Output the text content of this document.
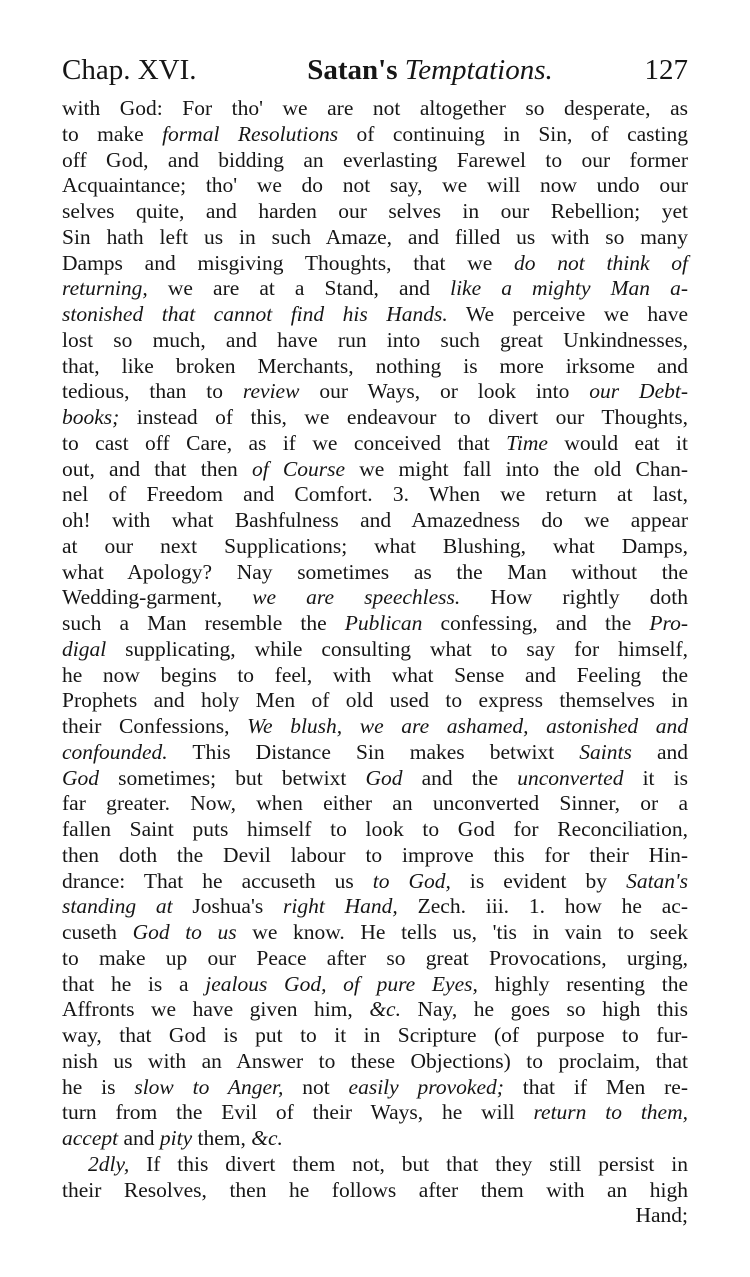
Chap. XVI.	Satan's Temptations.	127
with God: For tho' we are not altogether so desperate, as
to make formal Resolutions of continuing in Sin, of casting
off God, and bidding an everlasting Farewel to our former
Acquaintance; tho' we do not say, we will now undo our
selves quite, and harden our selves in our Rebellion; yet
Sin hath left us in such Amaze, and filled us with so many
Damps and misgiving Thoughts, that we do not think of
returning, we are at a Stand, and like a mighty Man a-
stonished that cannot find his Hands. We perceive we have
lost so much, and have run into such great Unkindnesses,
that, like broken Merchants, nothing is more irksome and
tedious, than to review our Ways, or look into our Debt-
books; instead of this, we endeavour to divert our Thoughts,
to cast off Care, as if we conceived that Time would eat it
out, and that then of Course we might fall into the old Chan-
nel of Freedom and Comfort. 3. When we return at last,
oh! with what Bashfulness and Amazedness do we appear
at our next Supplications; what Blushing, what Damps,
what Apology? Nay sometimes as the Man without the
Wedding-garment, we are speechless. How rightly doth
such a Man resemble the Publican confessing, and the Pro-
digal supplicating, while consulting what to say for himself,
he now begins to feel, with what Sense and Feeling the
Prophets and holy Men of old used to express themselves in
their Confessions, We blush, we are ashamed, astonished and
confounded. This Distance Sin makes betwixt Saints and
God sometimes; but betwixt God and the unconverted it is
far greater. Now, when either an unconverted Sinner, or a
fallen Saint puts himself to look to God for Reconciliation,
then doth the Devil labour to improve this for their Hin-
drance: That he accuseth us to God, is evident by Satan's
standing at Joshua's right Hand, Zech. iii. 1. how he ac-
cuseth God to us we know. He tells us, 'tis in vain to seek
to make up our Peace after so great Provocations, urging,
that he is a jealous God, of pure Eyes, highly resenting the
Affronts we have given him, &c. Nay, he goes so high this
way, that God is put to it in Scripture (of purpose to fur-
nish us with an Answer to these Objections) to proclaim, that
he is slow to Anger, not easily provoked; that if Men re-
turn from the Evil of their Ways, he will return to them,
accept and pity them, &c.
2dly, If this divert them not, but that they still persist in
their Resolves, then he follows after them with an high
Hand;
